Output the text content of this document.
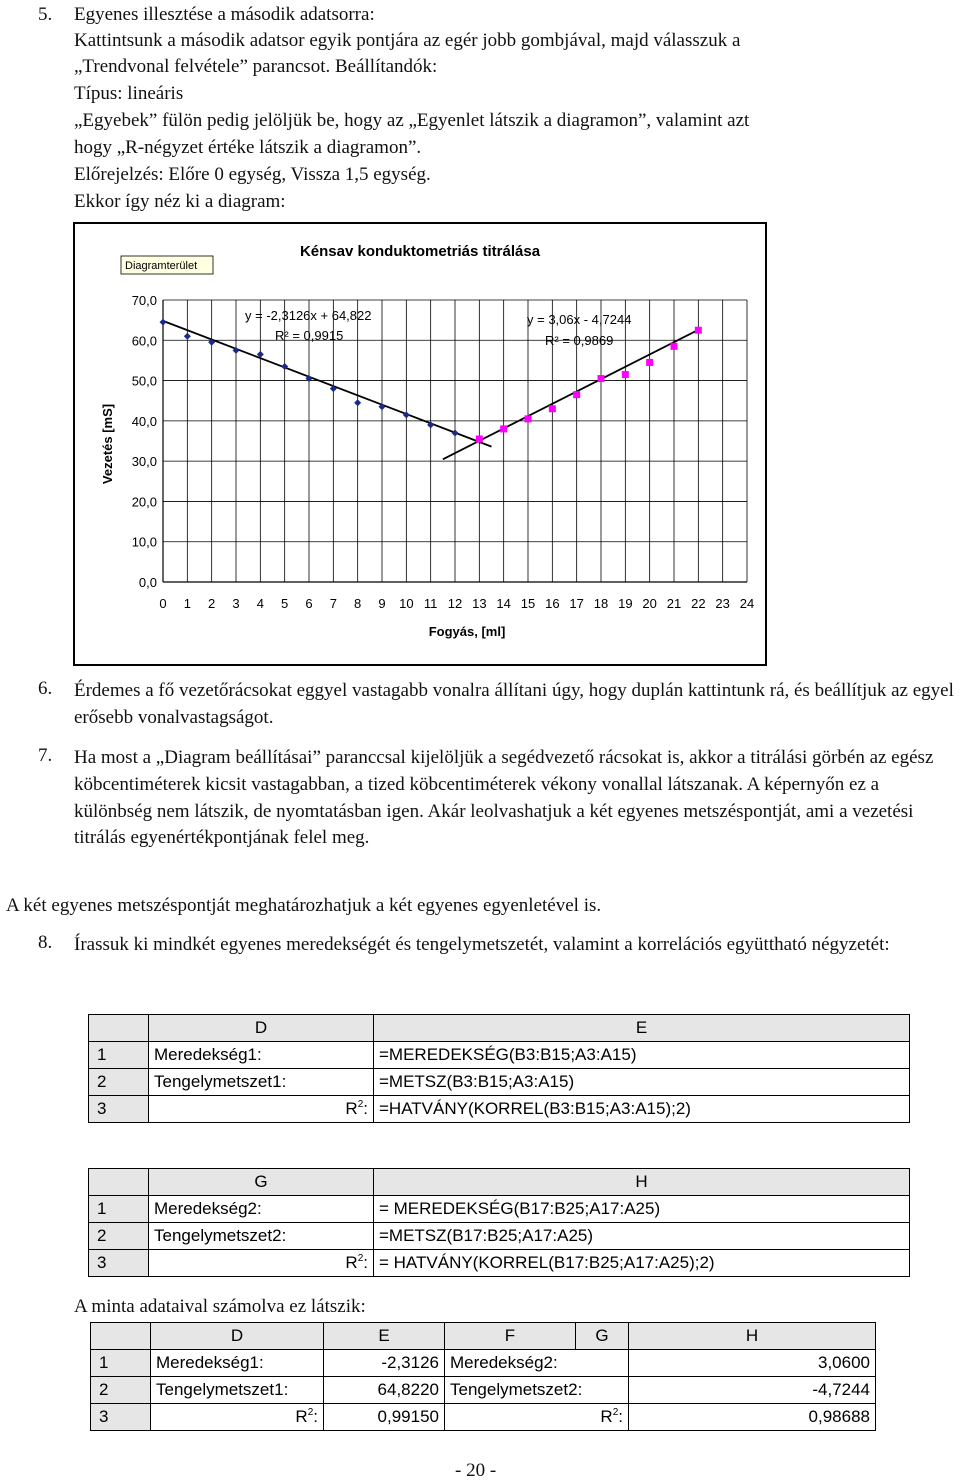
5. Egyenes illesztése a második adatsorra:
Kattintsunk a második adatsor egyik pontjára az egér jobb gombjával, majd válasszuk a
„Trendvonal felvétele” parancsot. Beállítandók:
Típus: lineáris
„Egyebek” fülön pedig jelöljük be, hogy az „Egyenlet látszik a diagramon”, valamint azt
hogy „R-négyzet értéke látszik a diagramon”.
Előrejelzés: Előre 0 egység, Vissza 1,5 egység.
Ekkor így néz ki a diagram:
0,0
10,0
20,0
30,0
40,0
50,0
60,0
70,0
0 1 2 3 4 5 6 7 8 9 10 11 12 13 14 15 16 17 18 19 20 21 22 23 24
Kénsav konduktometriás titrálása
Diagramterület
y = -2,3126x + 64,822
R² = 0,9915
y = 3,06x - 4,7244
R² = 0,9869
Fogyás, [ml]
Vezetés [mS]
6. Érdemes a fő vezetőrácsokat eggyel vastagabb vonalra állítani úgy, hogy duplán kattintunk rá, és beállítjuk az egyel erősebb vonalvastagságot.
7. Ha most a „Diagram beállításai” paranccsal kijelöljük a segédvezető rácsokat is, akkor a titrálási görbén az egész köbcentiméterek kicsit vastagabban, a tized köbcentiméterek vékony vonallal látszanak. A képernyőn ez a különbség nem látszik, de nyomtatásban igen. Akár leolvashatjuk a két egyenes metszéspontját, ami a vezetési titrálás egyenértékpontjának felel meg.
A két egyenes metszéspontját meghatározhatjuk a két egyenes egyenletével is.
8. Írassuk ki mindkét egyenes meredekségét és tengelymetszetét, valamint a korrelációs együttható négyzetét:
	D	E
1	Meredekség1:	=MEREDEKSÉG(B3:B15;A3:A15)
2	Tengelymetszet1:	=METSZ(B3:B15;A3:A15)
3	$R^2$:	=HATVÁNY(KORREL(B3:B15;A3:A15);2)
	G	H
1	Meredekség2:	= MEREDEKSÉG(B17:B25;A17:A25)
2	Tengelymetszet2:	=METSZ(B17:B25;A17:A25)
3	$R^2$:	= HATVÁNY(KORREL(B17:B25;A17:A25);2)
A minta adataival számolva ez látszik:
	D	E	F	G	H
1	Meredekség1:	-2,3126	Meredekség2:		3,0600
2	Tengelymetszet1:	64,8220	Tengelymetszet2:		-4,7244
3	$R^2$:	0,99150	$R^2$:		0,98688
- 20 -
